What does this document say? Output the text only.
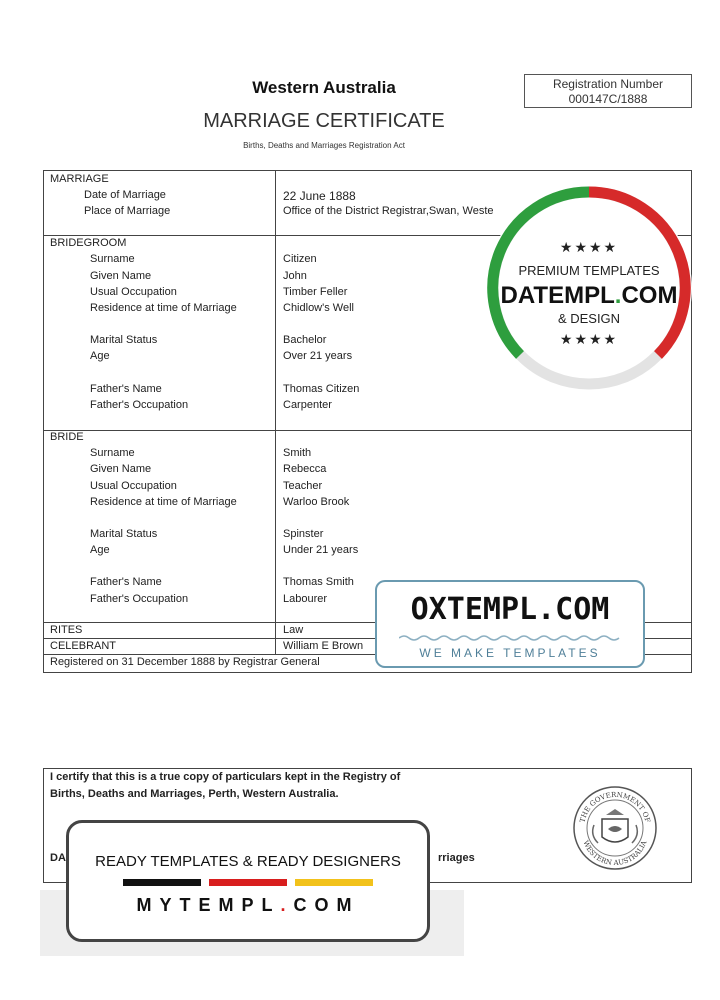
Western Australia
MARRIAGE CERTIFICATE
Births, Deaths and Marriages Registration Act
Registration Number
000147C/1888
MARRIAGE
Date of Marriage	22 June 1888
Place of Marriage	Office of the District Registrar,Swan, Weste
BRIDEGROOM
Surname	Citizen
Given Name	John
Usual Occupation	Timber Feller
Residence at time of Marriage	Chidlow's Well
Marital Status	Bachelor
Age	Over 21 years
Father's Name	Thomas Citizen
Father's Occupation	Carpenter
BRIDE
Surname	Smith
Given Name	Rebecca
Usual Occupation	Teacher
Residence at time of Marriage	Warloo Brook
Marital Status	Spinster
Age	Under 21 years
Father's Name	Thomas Smith
Father's Occupation	Labourer
RITES	Law
CELEBRANT	William E Brown
Registered on 31 December 1888 by Registrar General
★★★★
PREMIUM TEMPLATES
DATEMPL.COM
& DESIGN
★★★★
OXTEMPL.COM
WE MAKE TEMPLATES
I certify that this is a true copy of particulars kept in the Registry of
Births, Deaths and Marriages, Perth, Western Australia.
DA	rriages
THE GOVERNMENT OF
WESTERN AUSTRALIA
READY TEMPLATES & READY DESIGNERS
MYTEMPL.COM
